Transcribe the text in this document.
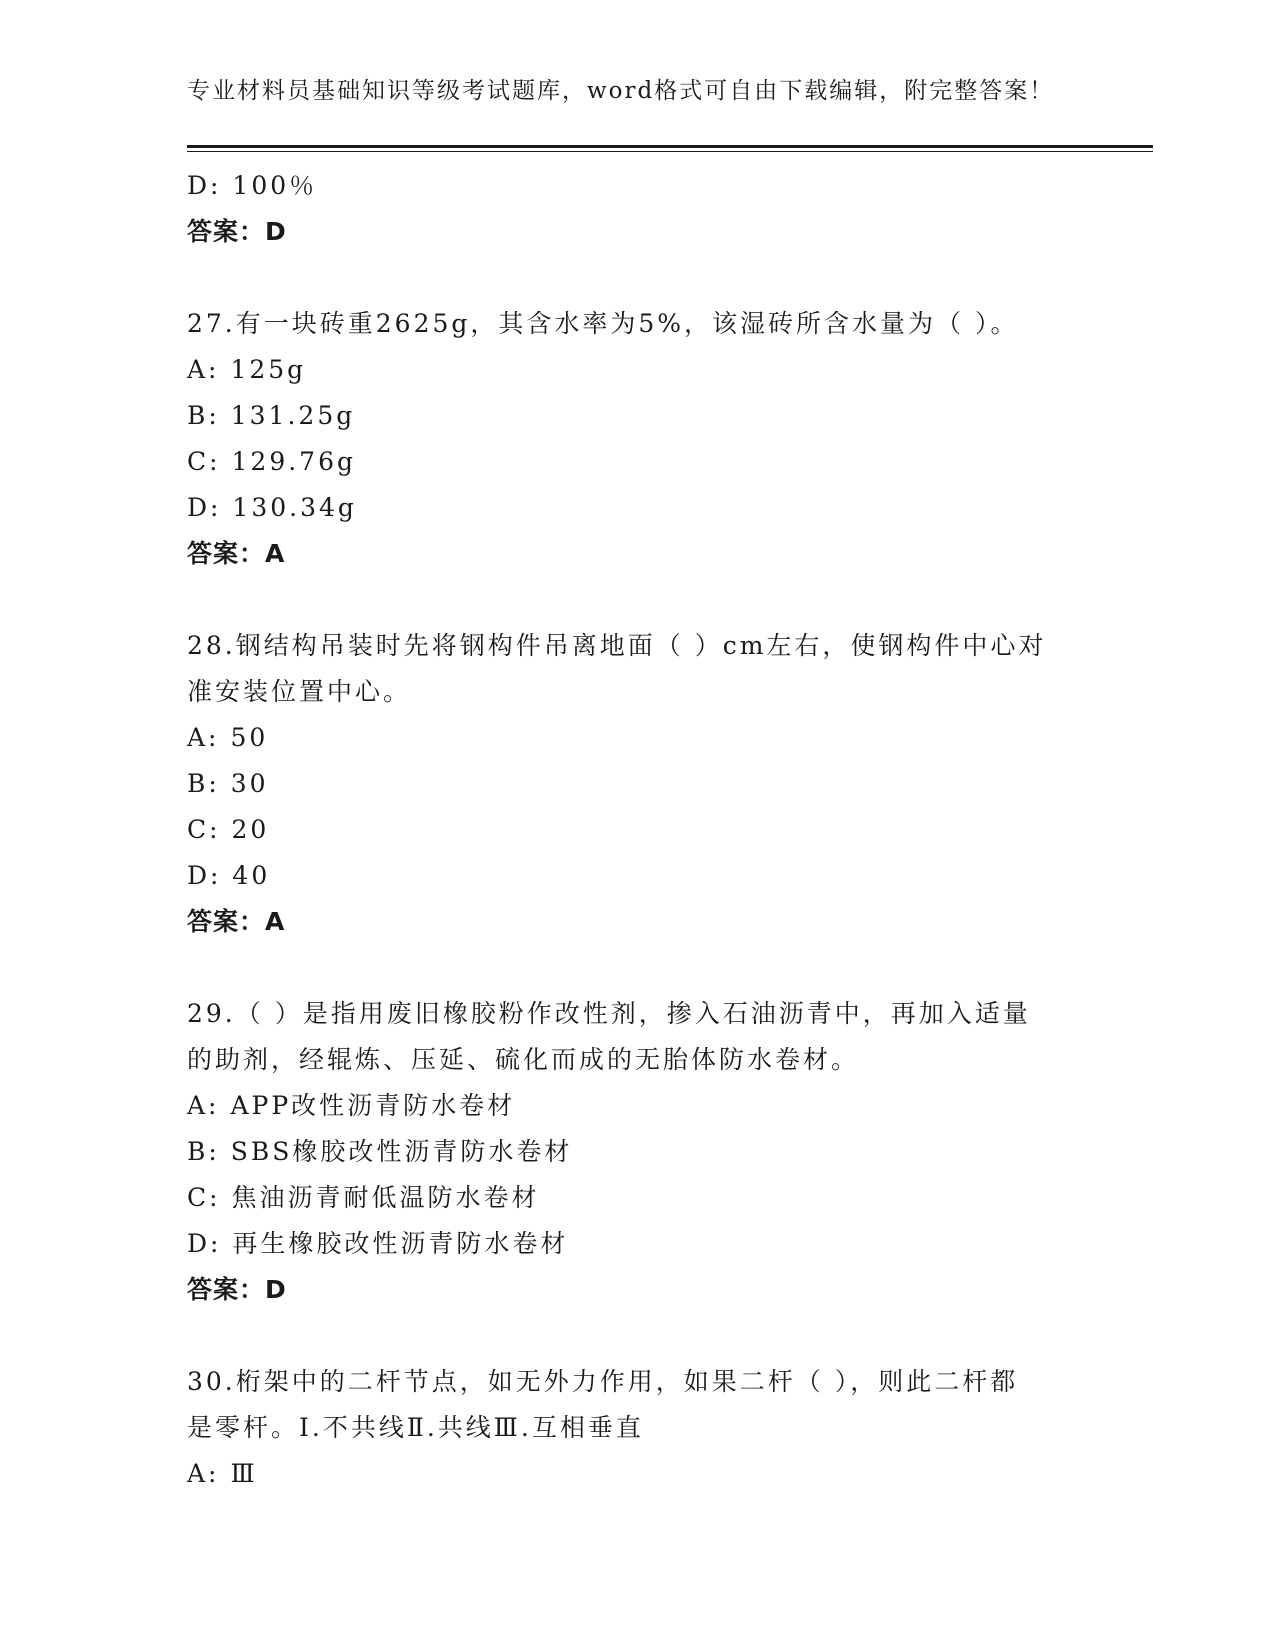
专业材料员基础知识等级考试题库，word格式可自由下载编辑，附完整答案！
D: 100％
答案：D
27.有一块砖重2625g，其含水率为5%，该湿砖所含水量为（ ）。
A: 125g
B: 131.25g
C: 129.76g
D: 130.34g
答案：A
28.钢结构吊装时先将钢构件吊离地面（ ）cm左右，使钢构件中心对
准安装位置中心。
A: 50
B: 30
C: 20
D: 40
答案：A
29.（ ）是指用废旧橡胶粉作改性剂，掺入石油沥青中，再加入适量
的助剂，经辊炼、压延、硫化而成的无胎体防水卷材。
A: APP改性沥青防水卷材
B: SBS橡胶改性沥青防水卷材
C: 焦油沥青耐低温防水卷材
D: 再生橡胶改性沥青防水卷材
答案：D
30.桁架中的二杆节点，如无外力作用，如果二杆（ ），则此二杆都
是零杆。I.不共线Ⅱ.共线Ⅲ.互相垂直
A: Ⅲ
